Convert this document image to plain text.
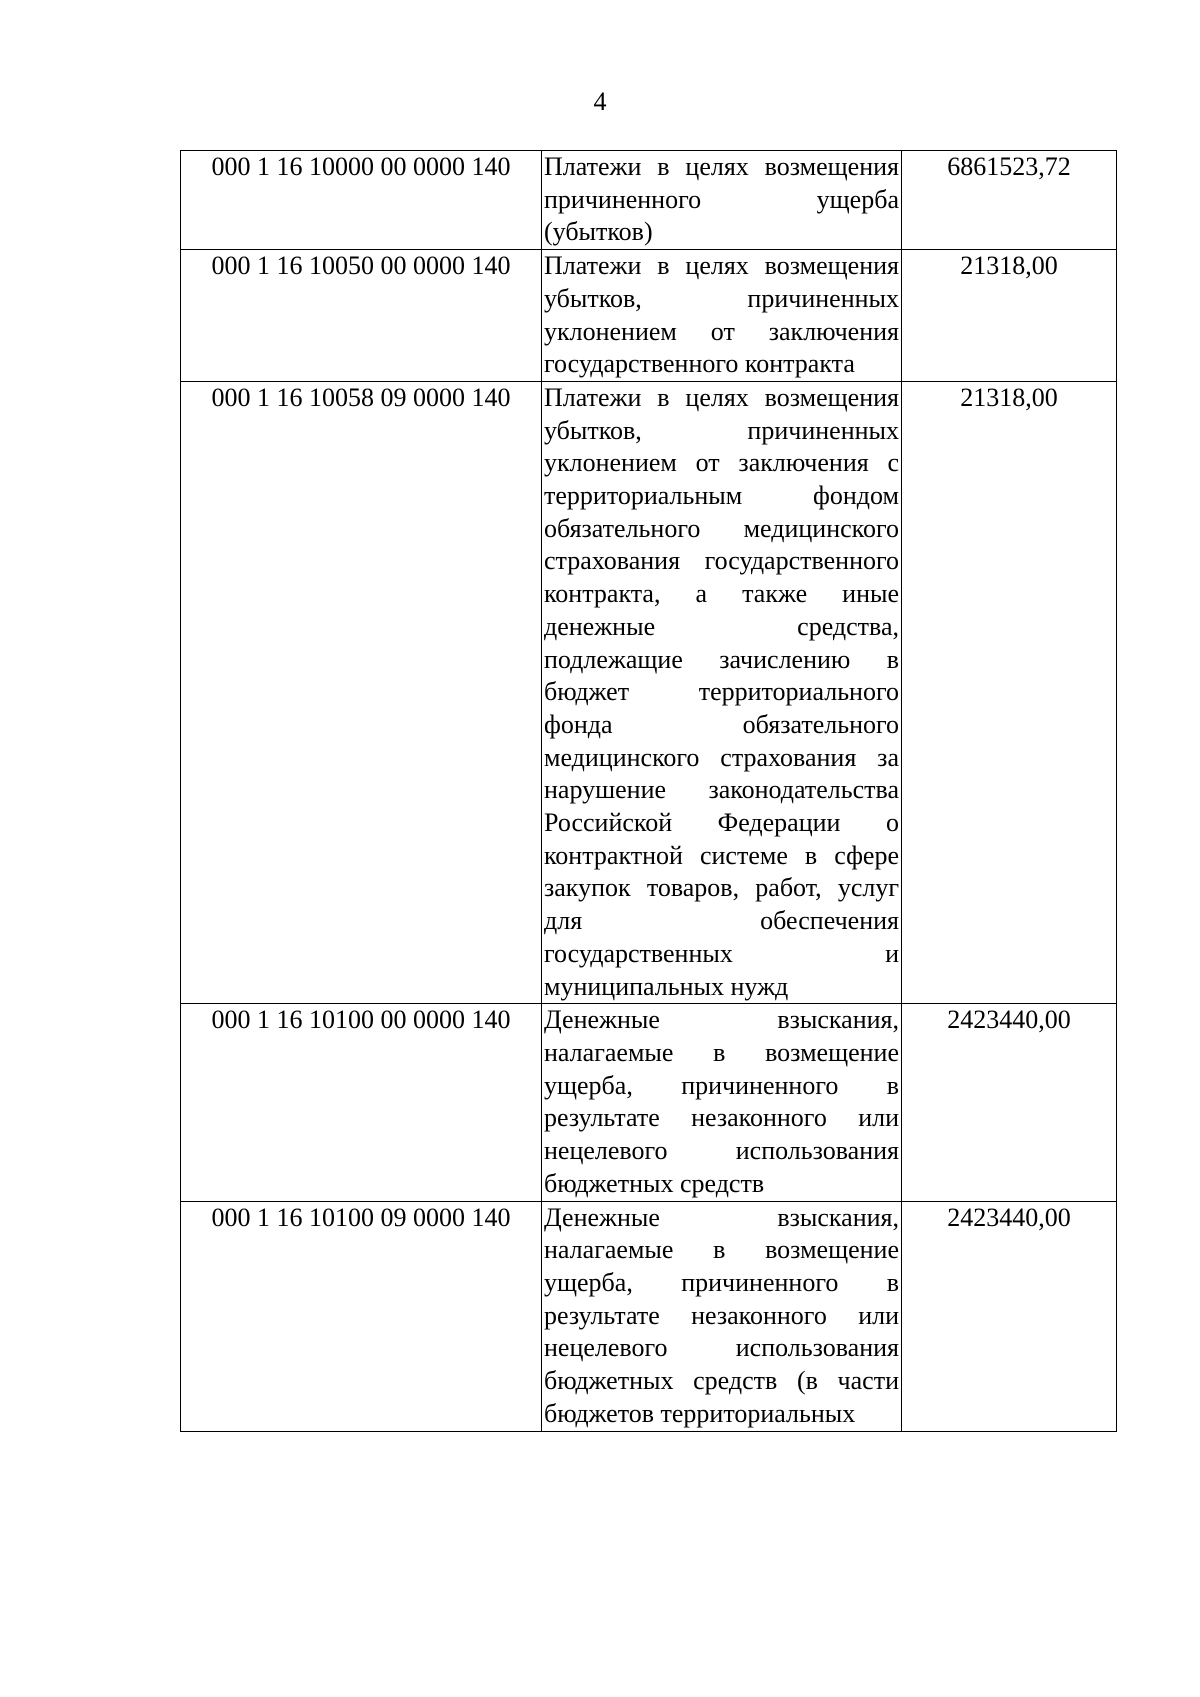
4
000 1 16 10000 00 0000 140	Платежи в целях возмещения причиненного ущерба (убытков)	6861523,72
000 1 16 10050 00 0000 140	Платежи в целях возмещения убытков, причиненных уклонением от заключения государственного контракта	21318,00
000 1 16 10058 09 0000 140	Платежи в целях возмещения убытков, причиненных уклонением от заключения с территориальным фондом обязательного медицинского страхования государственного контракта, а также иные денежные средства, подлежащие зачислению в бюджет территориального фонда обязательного медицинского страхования за нарушение законодательства Российской Федерации о контрактной системе в сфере закупок товаров, работ, услуг для обеспечения государственных и муниципальных нужд	21318,00
000 1 16 10100 00 0000 140	Денежные взыскания, налагаемые в возмещение ущерба, причиненного в результате незаконного или нецелевого использования бюджетных средств	2423440,00
000 1 16 10100 09 0000 140	Денежные взыскания, налагаемые в возмещение ущерба, причиненного в результате незаконного или нецелевого использования бюджетных средств (в части бюджетов территориальных	2423440,00
